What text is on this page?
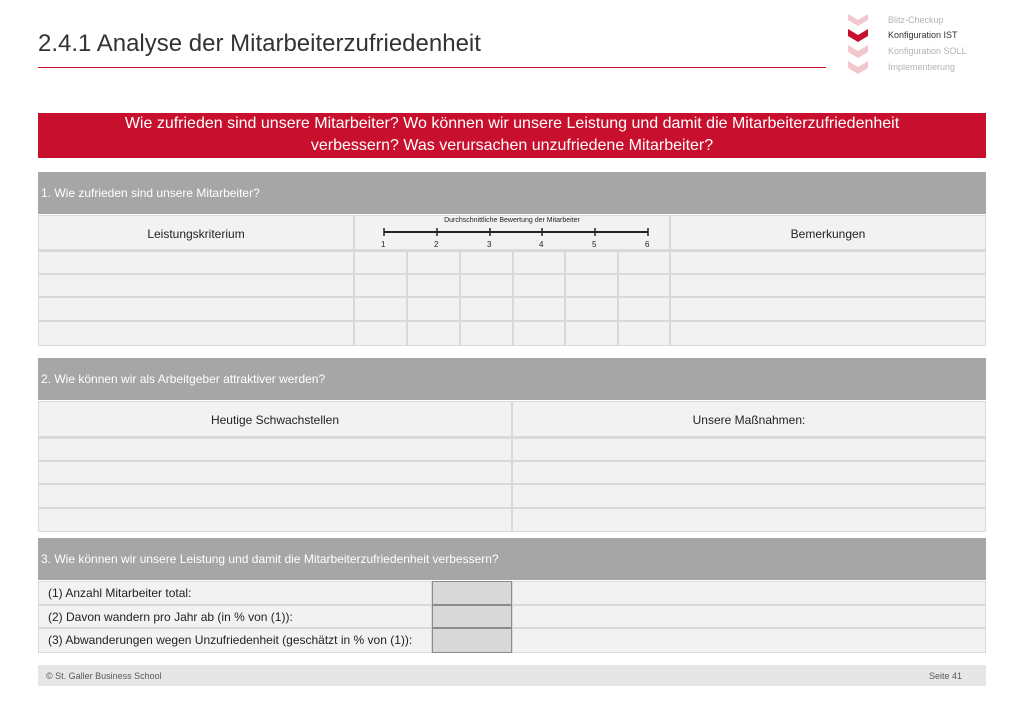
2.4.1 Analyse der Mitarbeiterzufriedenheit
Blitz-Checkup
Konfiguration IST
Konfiguration SOLL
Implementierung
Wie zufrieden sind unsere Mitarbeiter? Wo können wir unsere Leistung und damit die Mitarbeiterzufriedenheit
verbessern? Was verursachen unzufriedene Mitarbeiter?
1. Wie zufrieden sind unsere Mitarbeiter?
Leistungskriterium
Durchschnittliche Bewertung der Mitarbeiter
1	2	3	4	5	6
Bemerkungen
2. Wie können wir als Arbeitgeber attraktiver werden?
Heutige Schwachstellen	Unsere Maßnahmen:
3. Wie können wir unsere Leistung und damit die Mitarbeiterzufriedenheit verbessern?
(1) Anzahl Mitarbeiter total:
(2) Davon wandern pro Jahr ab (in % von (1)):
(3) Abwanderungen wegen Unzufriedenheit (geschätzt in % von (1)):
© St. Galler Business School	Seite 41
